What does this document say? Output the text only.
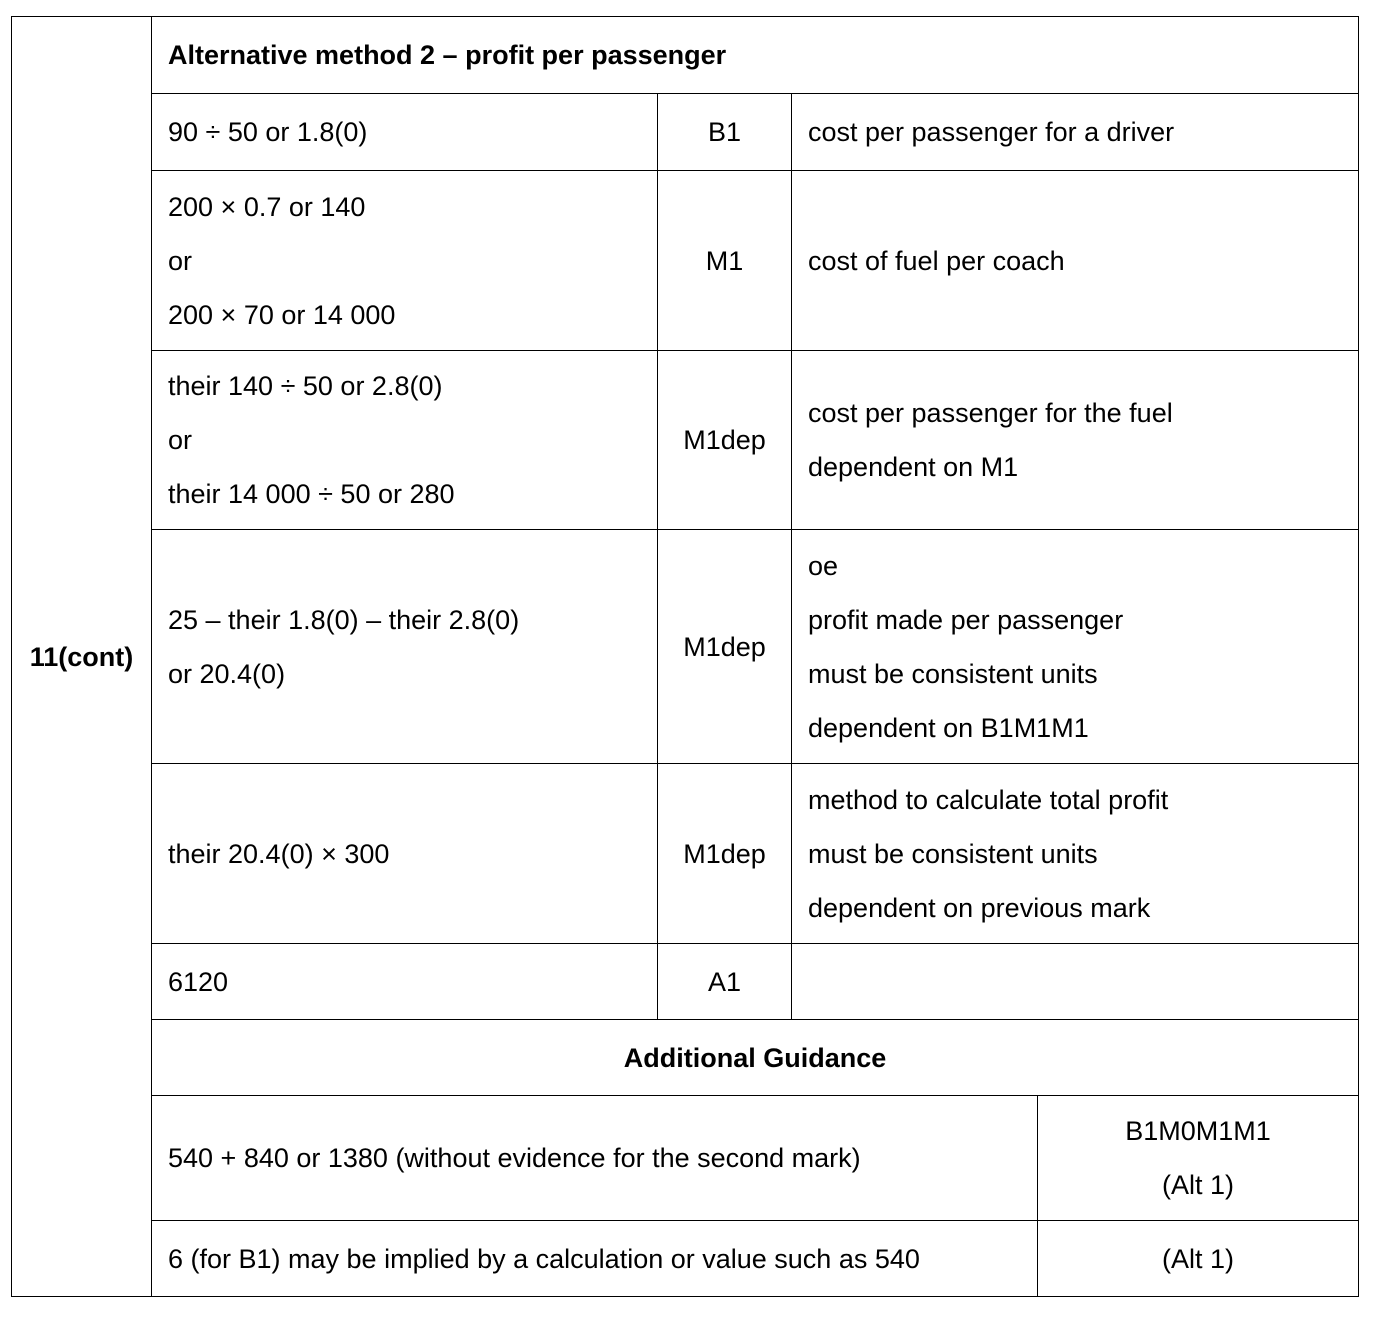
11(cont)	Alternative method 2 – profit per passenger			

	90 ÷ 50 or 1.8(0)	B1	cost per passenger for a driver	

	200 × 0.7 or 140
or
200 × 70 or 14 000	M1	cost of fuel per coach	

	their 140 ÷ 50 or 2.8(0)
or
their 14 000 ÷ 50 or 280	M1dep	cost per passenger for the fuel
dependent on M1	

	25 – their 1.8(0) – their 2.8(0)
or 20.4(0)	M1dep	oe
profit made per passenger
must be consistent units
dependent on B1M1M1	

	their 20.4(0) × 300	M1dep	method to calculate total profit
must be consistent units
dependent on previous mark	

	6120	A1		
	Additional Guidance			
	540 + 840 or 1380 (without evidence for the second mark)			B1M0M1M1
(Alt 1)

	6 (for B1) may be implied by a calculation or value such as 540			(Alt 1)
